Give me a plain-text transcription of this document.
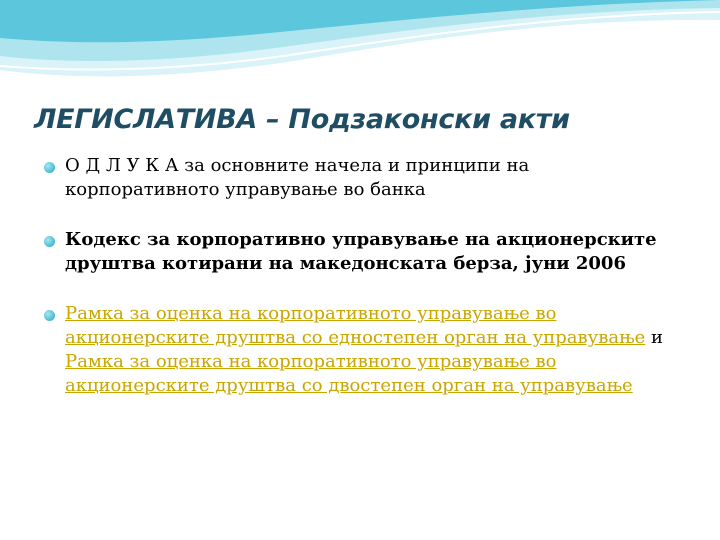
ЛЕГИСЛАТИВА – Подзаконски акти
О Д Л У К А за основните начела и принципи на корпоративното управување во банка
Кодекс за корпоративно управување на акционерските друштва котирани на македонската берза, јуни 2006
Рамка за оценка на корпоративното управување во акционерските друштва со едностепен орган на управување и Рамка за оценка на корпоративното управување во акционерските друштва со двостепен орган на управување
